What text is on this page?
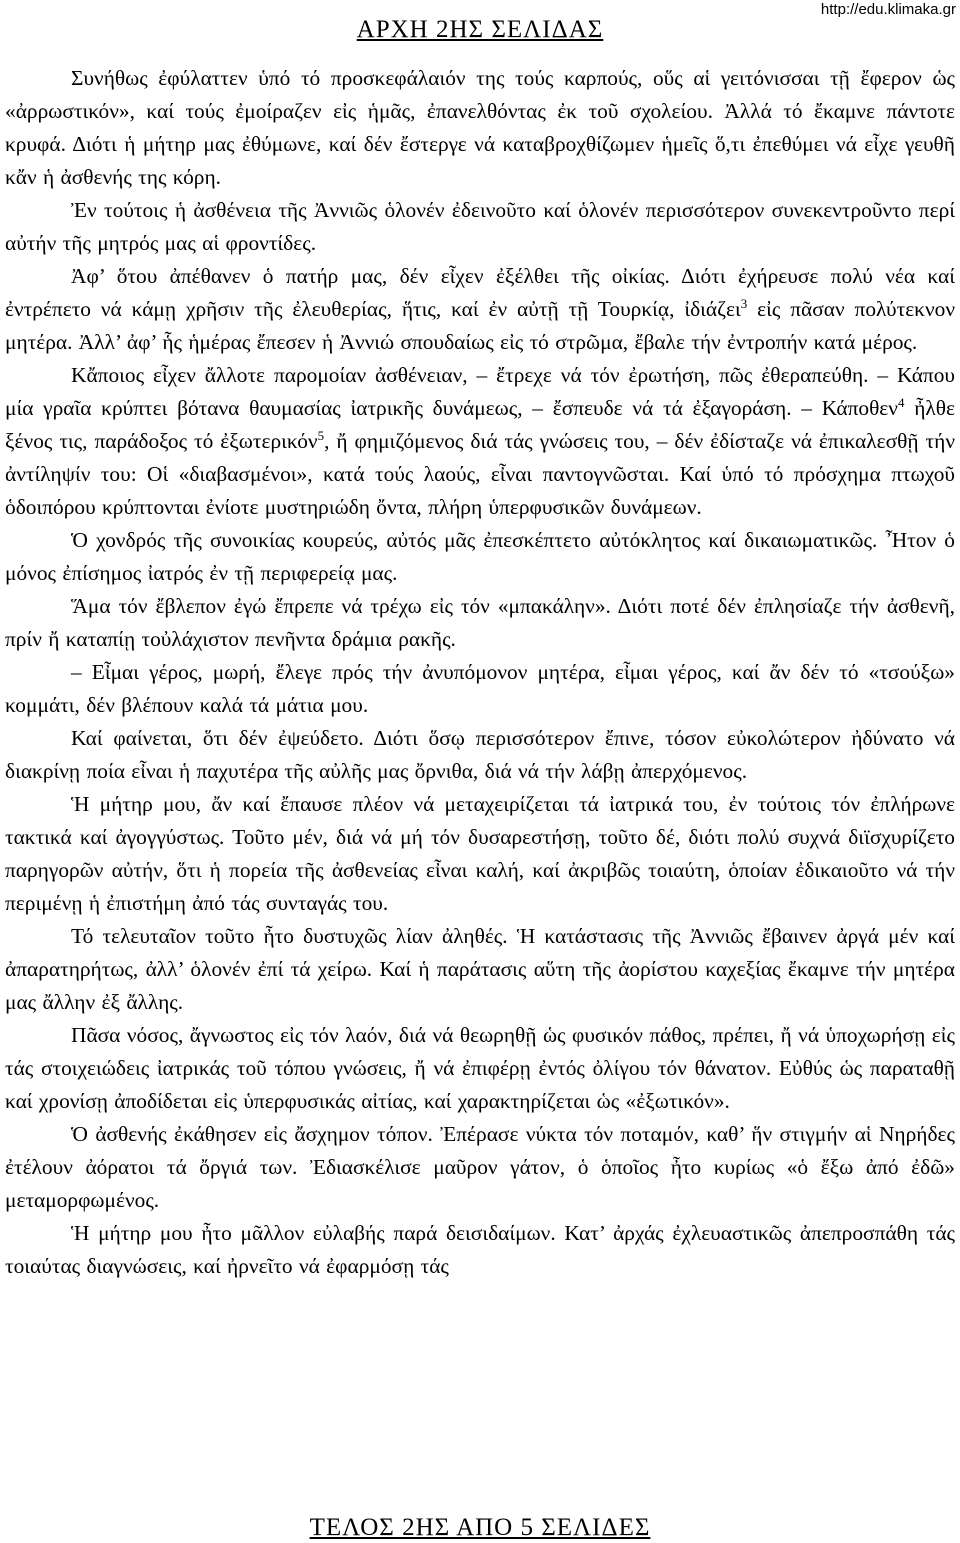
http://edu.klimaka.gr
ΑΡΧΗ 2ΗΣ ΣΕΛΙΔΑΣ

Συνήθως ἐφύλαττεν ὑπό τό προσκεφάλαιόν της τούς καρπούς, οὕς αἱ γειτόνισσαι τῇ ἔφερον ὡς «ἀρρωστικόν», καί τούς ἐμοίραζεν εἰς ἡμᾶς, ἐπανελθόντας ἐκ τοῦ σχολείου. Ἀλλά τό ἔκαμνε πάντοτε κρυφά. Διότι ἡ μήτηρ μας ἐθύμωνε, καί δέν ἔστεργε νά καταβροχθίζωμεν ἡμεῖς ὅ,τι ἐπεθύμει νά εἶχε γευθῆ κἄν ἡ ἀσθενής της κόρη.

Ἐν τούτοις ἡ ἀσθένεια τῆς Ἀννιῶς ὁλονέν ἐδεινοῦτο καί ὁλονέν περισσότερον συνεκεντροῦντο περί αὐτήν τῆς μητρός μας αἱ φροντίδες.

Ἀφ’ ὅτου ἀπέθανεν ὁ πατήρ μας, δέν εἶχεν ἐξέλθει τῆς οἰκίας. Διότι ἐχήρευσε πολύ νέα καί ἐντρέπετο νά κάμῃ χρῆσιν τῆς ἐλευθερίας, ἥτις, καί ἐν αὐτῇ τῇ Τουρκίᾳ, ἰδιάζει$^3$ εἰς πᾶσαν πολύτεκνον μητέρα. Ἀλλ’ ἀφ’ ἧς ἡμέρας ἔπεσεν ἡ Ἀννιώ σπουδαίως εἰς τό στρῶμα, ἔβαλε τήν ἐντροπήν κατά μέρος.

Κἄποιος εἶχεν ἄλλοτε παρομοίαν ἀσθένειαν, – ἔτρεχε νά τόν ἐρωτήση, πῶς ἐθεραπεύθη. – Κάπου μία γραῖα κρύπτει βότανα θαυμασίας ἰατρικῆς δυνάμεως, – ἔσπευδε νά τά ἐξαγοράση. – Κάποθεν$^4$ ἦλθε ξένος τις, παράδοξος τό ἐξωτερικόν$^5$, ἤ φημιζόμενος διά τάς γνώσεις του, – δέν ἐδίσταζε νά ἐπικαλεσθῇ τήν ἀντίληψίν του: Οἱ «διαβασμένοι», κατά τούς λαούς, εἶναι παντογνῶσται. Καί ὑπό τό πρόσχημα πτωχοῦ ὁδοιπόρου κρύπτονται ἐνίοτε μυστηριώδη ὄντα, πλήρη ὑπερφυσικῶν δυνάμεων.

Ὁ χονδρός τῆς συνοικίας κουρεύς, αὐτός μᾶς ἐπεσκέπτετο αὐτόκλητος καί δικαιωματικῶς. Ἦτον ὁ μόνος ἐπίσημος ἰατρός ἐν τῇ περιφερείᾳ μας.

Ἅμα τόν ἔβλεπον ἐγώ ἔπρεπε νά τρέχω εἰς τόν «μπακάλην». Διότι ποτέ δέν ἐπλησίαζε τήν ἀσθενῆ, πρίν ἤ καταπίῃ τοὐλάχιστον πενῆντα δράμια ρακῆς.

– Εἶμαι γέρος, μωρή, ἔλεγε πρός τήν ἀνυπόμονον μητέρα, εἶμαι γέρος, καί ἄν δέν τό «τσούξω» κομμάτι, δέν βλέπουν καλά τά μάτια μου.

Καί φαίνεται, ὅτι δέν ἐψεύδετο. Διότι ὅσῳ περισσότερον ἔπινε, τόσον εὐκολώτερον ἠδύνατο νά διακρίνῃ ποία εἶναι ἡ παχυτέρα τῆς αὐλῆς μας ὄρνιθα, διά νά τήν λάβῃ ἀπερχόμενος.

Ἡ μήτηρ μου, ἄν καί ἔπαυσε πλέον νά μεταχειρίζεται τά ἰατρικά του, ἐν τούτοις τόν ἐπλήρωνε τακτικά καί ἀγογγύστως. Τοῦτο μέν, διά νά μή τόν δυσαρεστήσῃ, τοῦτο δέ, διότι πολύ συχνά διϊσχυρίζετο παρηγορῶν αὐτήν, ὅτι ἡ πορεία τῆς ἀσθενείας εἶναι καλή, καί ἀκριβῶς τοιαύτη, ὁποίαν ἐδικαιοῦτο νά τήν περιμένῃ ἡ ἐπιστήμη ἀπό τάς συνταγάς του.

Τό τελευταῖον τοῦτο ἦτο δυστυχῶς λίαν ἀληθές. Ἡ κατάστασις τῆς Ἀννιῶς ἔβαινεν ἀργά μέν καί ἀπαρατηρήτως, ἀλλ’ ὁλονέν ἐπί τά χείρω. Καί ἡ παράτασις αὕτη τῆς ἀορίστου καχεξίας ἔκαμνε τήν μητέρα μας ἄλλην ἐξ ἄλλης.

Πᾶσα νόσος, ἄγνωστος εἰς τόν λαόν, διά νά θεωρηθῇ ὡς φυσικόν πάθος, πρέπει, ἤ νά ὑποχωρήσῃ εἰς τάς στοιχειώδεις ἰατρικάς τοῦ τόπου γνώσεις, ἤ νά ἐπιφέρῃ ἐντός ὀλίγου τόν θάνατον. Εὐθύς ὡς παραταθῇ καί χρονίσῃ ἀποδίδεται εἰς ὑπερφυσικάς αἰτίας, καί χαρακτηρίζεται ὡς «ἐξωτικόν».

Ὁ ἀσθενής ἐκάθησεν εἰς ἄσχημον τόπον. Ἐπέρασε νύκτα τόν ποταμόν, καθ’ ἥν στιγμήν αἱ Νηρήδες ἐτέλουν ἀόρατοι τά ὄργιά των. Ἐδιασκέλισε μαῦρον γάτον, ὁ ὁποῖος ἦτο κυρίως «ὁ ἔξω ἀπό ἐδῶ» μεταμορφωμένος.

Ἡ μήτηρ μου ἦτο μᾶλλον εὐλαβής παρά δεισιδαίμων. Κατ’ ἀρχάς ἐχλευαστικῶς ἀπεπροσπάθη τάς τοιαύτας διαγνώσεις, καί ἠρνεῖτο νά ἐφαρμόσῃ τάς

ΤΕΛΟΣ 2ΗΣ ΑΠΟ 5 ΣΕΛΙΔΕΣ
